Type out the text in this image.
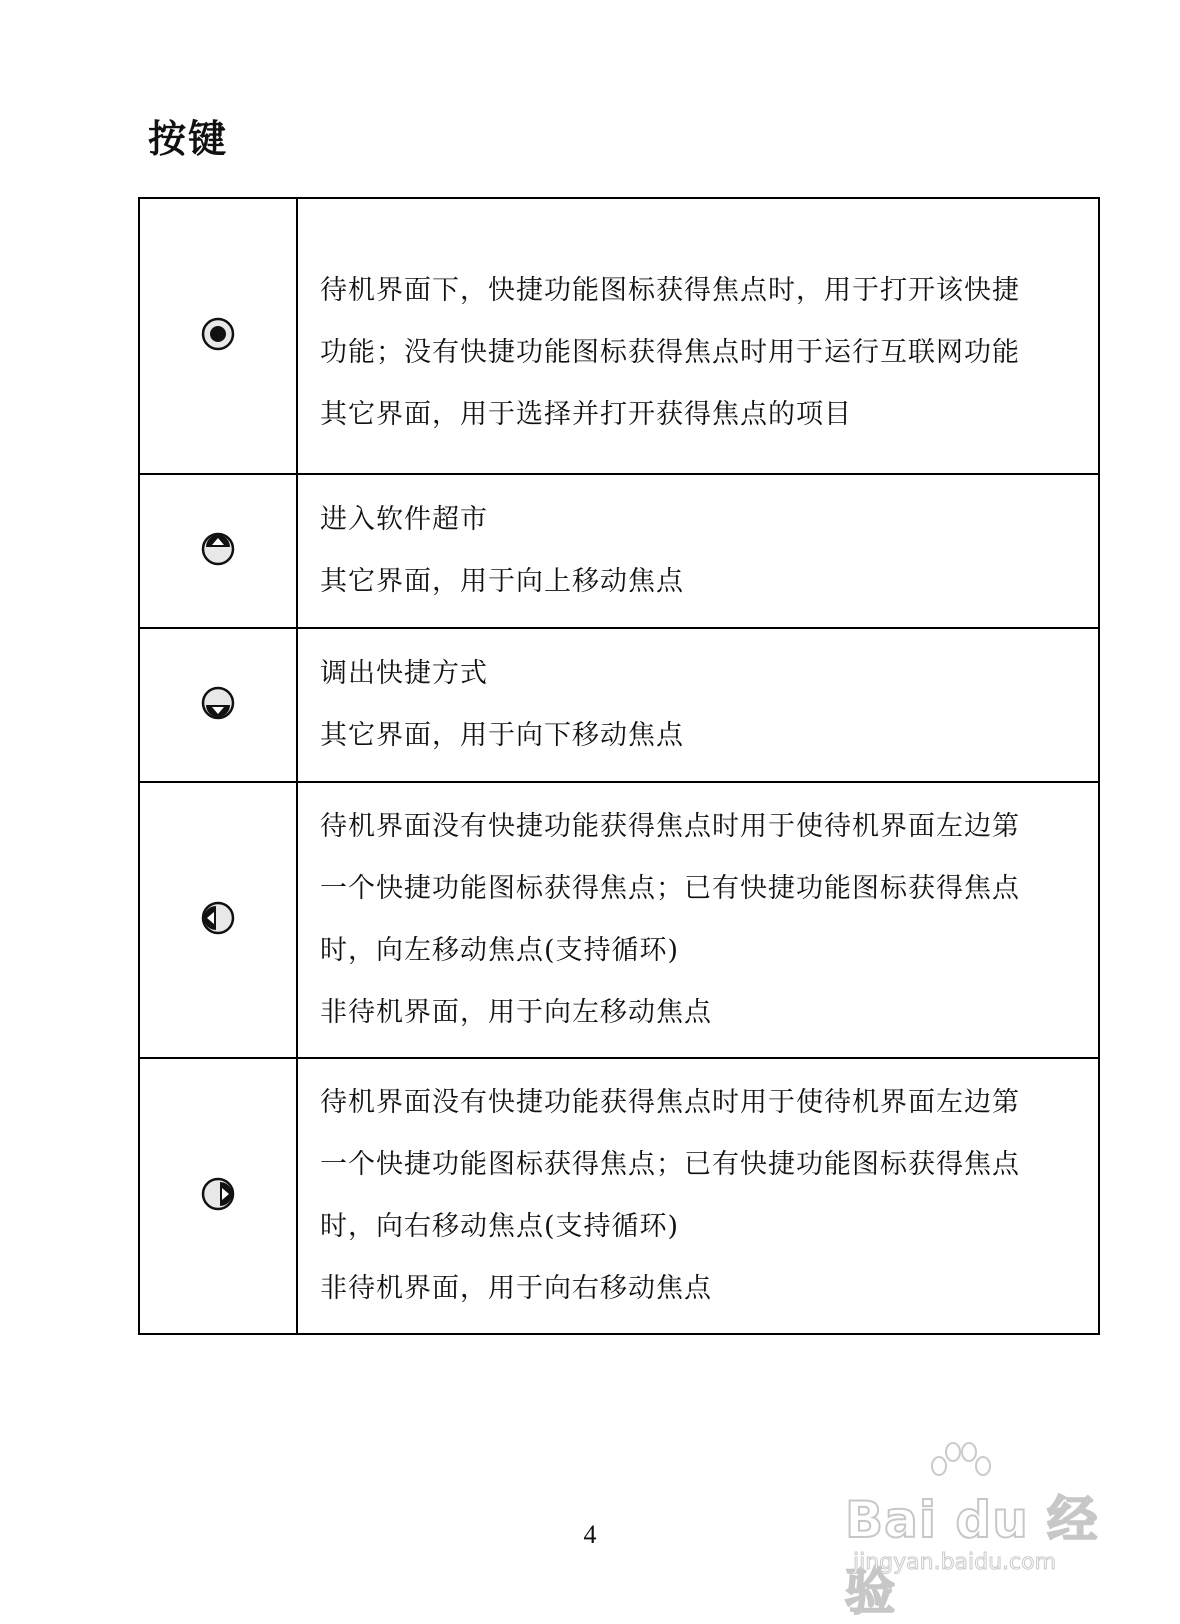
按键

待机界面下，快捷功能图标获得焦点时，用于打开该快捷
功能；没有快捷功能图标获得焦点时用于运行互联网功能
其它界面，用于选择并打开获得焦点的项目

进入软件超市
其它界面，用于向上移动焦点

调出快捷方式
其它界面，用于向下移动焦点

待机界面没有快捷功能获得焦点时用于使待机界面左边第
一个快捷功能图标获得焦点；已有快捷功能图标获得焦点
时，向左移动焦点(支持循环)
非待机界面，用于向左移动焦点

待机界面没有快捷功能获得焦点时用于使待机界面左边第
一个快捷功能图标获得焦点；已有快捷功能图标获得焦点
时，向右移动焦点(支持循环)
非待机界面，用于向右移动焦点
4	Bai du 经验
jingyan.baidu.com
